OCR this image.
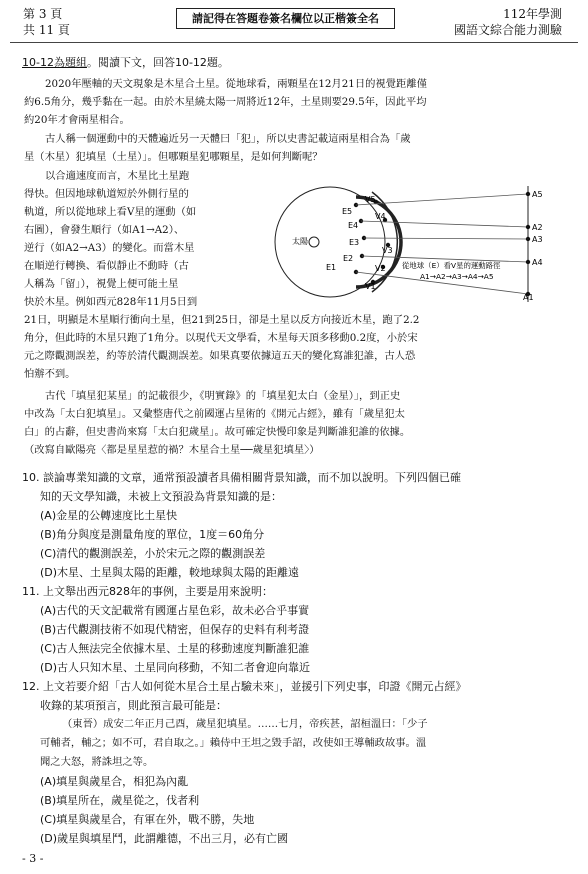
第 3 頁
共 11 頁
請記得在答題卷簽名欄位以正楷簽全名	112年學測
國語文綜合能力測驗
10-12為題組。閱讀下文，回答10-12題。
2020年壓軸的天文現象是木星合土星。從地球看，兩顆星在12月21日的視覺距離僅
約6.5角分，幾乎黏在一起。由於木星繞太陽一周將近12年，土星則要29.5年，因此平均
約20年才會兩星相合。
古人稱一個運動中的天體遍近另一天體曰「犯」，所以史書記載這兩星相合為「歲
星（木星）犯填星（土星）」。但哪顆星犯哪顆星，是如何判斷呢？
以合適速度而言，木星比土星跑
得快。但因地球軌道短於外側行星的
軌道，所以從地球上看V星的運動（如
右圖），會發生順行（如A1→A2）、
逆行（如A2→A3）的變化。而當木星
在順逆行轉換、看似靜止不動時（古
人稱為「留」），視覺上便可能土星
快於木星。例如西元828年11月5日到
21日，明顯是木星順行衝向土星，但21到25日，卻是土星以反方向接近木星，跑了2.2
角分，但此時的木星只跑了1角分。以現代天文學看，木星每天頂多移動0.2度，小於宋
元之際觀測誤差，約等於清代觀測誤差。如果真要依據這五天的變化寫誰犯誰，古人恐
怕辦不到。
太陽
E5
E4
E3
E2
E1
V5
V4
V3
V2
V1
A5
A2
A3
A4
A1
從地球（E）看V星的運動路徑
A1→A2→A3→A4→A5
古代「填星犯某星」的記載很少，《明實錄》的「填星犯太白（金星）」，到正史
中改為「太白犯填星」。又彙整唐代之前國運占星術的《開元占經》，雖有「歲星犯太
白」的占辭，但史書尚來寫「太白犯歲星」。故可確定快慢印象是判斷誰犯誰的依據。
（改寫自歐陽亮〈都是星星惹的禍？木星合土星──歲星犯填星〉）
10. 談論專業知識的文章，通常預設讀者具備相關背景知識，而不加以說明。下列四個已確
知的天文學知識，未被上文預設為背景知識的是：
(A)金星的公轉速度比土星快
(B)角分與度是測量角度的單位，1度＝60角分
(C)清代的觀測誤差，小於宋元之際的觀測誤差
(D)木星、土星與太陽的距離，較地球與太陽的距離遠
11. 上文舉出西元828年的事例，主要是用來說明：
(A)古代的天文記載常有國運占星色彩，故未必合乎事實
(B)古代觀測技術不如現代精密，但保存的史料有利考證
(C)古人無法完全依據木星、土星的移動速度判斷誰犯誰
(D)古人只知木星、土星同向移動，不知二者會迎向靠近
12. 上文若要介紹「古人如何從木星合土星占驗未來」，並援引下列史事，印證《開元占經》
收錄的某項預言，則此預言最可能是：
（東晉）成安二年正月己酉，歲星犯填星。……七月，帝疾甚，詔桓溫曰：「少子
可輔者，輔之；如不可，君自取之。」賴侍中王坦之毀手詔，改使如王導輔政故事。溫
聞之大怒，將誅坦之等。
(A)填星與歲星合，相犯為內亂
(B)填星所在，歲星從之，伐者利
(C)填星與歲星合，有軍在外，戰不勝，失地
(D)歲星與填星鬥，此謂離德，不出三月，必有亡國
- 3 -
